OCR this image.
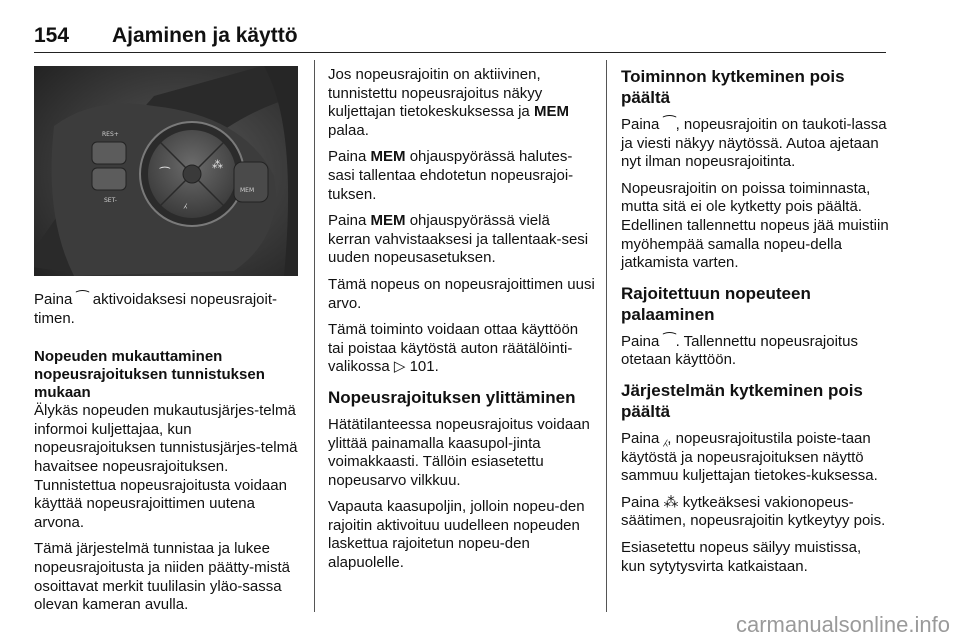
154 Ajaminen ja käyttö
⁀
⁂
⁁
RES+
SET-
MEM

Paina ⁀ aktivoidaksesi nopeusrajoit-timen.

Nopeuden mukauttaminen nopeusrajoituksen tunnistuksen mukaan

Älykäs nopeuden mukautusjärjes-telmä informoi kuljettajaa, kun nopeusrajoituksen tunnistusjärjes-telmä havaitsee nopeusrajoituksen. Tunnistettua nopeusrajoitusta voidaan käyttää nopeusrajoittimen uutena arvona.

Tämä järjestelmä tunnistaa ja lukee nopeusrajoitusta ja niiden päätty-mistä osoittavat merkit tuulilasin yläo-sassa olevan kameran avulla.

Jos nopeusrajoitin on aktiivinen, tunnistettu nopeusrajoitus näkyy kuljettajan tietokeskuksessa ja MEM palaa.

Paina MEM ohjauspyörässä halutes-sasi tallentaa ehdotetun nopeusrajoi-tuksen.

Paina MEM ohjauspyörässä vielä kerran vahvistaaksesi ja tallentaak-sesi uuden nopeusasetuksen.

Tämä nopeus on nopeusrajoittimen uusi arvo.

Tämä toiminto voidaan ottaa käyttöön tai poistaa käytöstä auton räätälöinti-valikossa ▷ 101.

Nopeusrajoituksen ylittäminen

Hätätilanteessa nopeusrajoitus voidaan ylittää painamalla kaasupol-jinta voimakkaasti. Tällöin esiasetettu nopeusarvo vilkkuu.

Vapauta kaasupoljin, jolloin nopeu-den rajoitin aktivoituu uudelleen nopeuden laskettua rajoitetun nopeu-den alapuolelle.

Toiminnon kytkeminen pois päältä

Paina ⁀, nopeusrajoitin on taukoti-lassa ja viesti näkyy näytössä. Autoa ajetaan nyt ilman nopeusrajoitinta.

Nopeusrajoitin on poissa toiminnasta, mutta sitä ei ole kytketty pois päältä. Edellinen tallennettu nopeus jää muistiin myöhempää samalla nopeu-della jatkamista varten.

Rajoitettuun nopeuteen palaaminen

Paina ⁀. Tallennettu nopeusrajoitus otetaan käyttöön.

Järjestelmän kytkeminen pois päältä

Paina ⁁, nopeusrajoitustila poiste-taan käytöstä ja nopeusrajoituksen näyttö sammuu kuljettajan tietokes-kuksessa.

Paina ⁂ kytkeäksesi vakionopeus-säätimen, nopeusrajoitin kytkeytyy pois.

Esiasetettu nopeus säilyy muistissa, kun sytytysvirta katkaistaan.

carmanualsonline.info
